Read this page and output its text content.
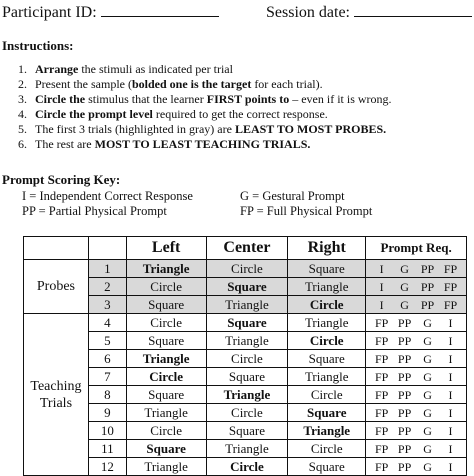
Participant ID:	Session date:
Instructions:
1. Arrange the stimuli as indicated per trial
2. Present the sample (bolded one is the target for each trial).
3. Circle the stimulus that the learner FIRST points to – even if it is wrong.
4. Circle the prompt level required to get the correct response.
5. The first 3 trials (highlighted in gray) are LEAST TO MOST PROBES.
6. The rest are MOST TO LEAST TEACHING TRIALS.
Prompt Scoring Key:
I = Independent Correct Response	G = Gestural Prompt
PP = Partial Physical Prompt	FP = Full Physical Prompt
		Left	Center	Right	Prompt Req.
Probes	1	Triangle	Circle	Square	I G PP FP
	2	Circle	Square	Triangle	I G PP FP
	3	Square	Triangle	Circle	I G PP FP

Teaching
Trials	4	Circle	Square	Triangle	FP PP G I
	5	Square	Triangle	Circle	FP PP G I
	6	Triangle	Circle	Square	FP PP G I
	7	Circle	Square	Triangle	FP PP G I
	8	Square	Triangle	Circle	FP PP G I
	9	Triangle	Circle	Square	FP PP G I
	10	Circle	Square	Triangle	FP PP G I
	11	Square	Triangle	Circle	FP PP G I
	12	Triangle	Circle	Square	FP PP G I
